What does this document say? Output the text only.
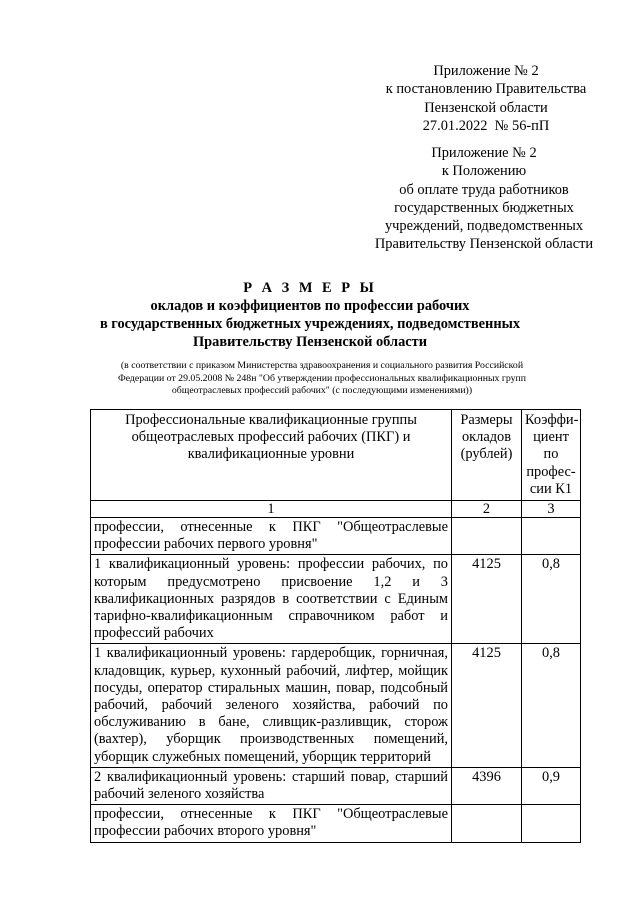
Приложение № 2
к постановлению Правительства
Пензенской области
27.01.2022  № 56-пП
Приложение № 2
к Положению
об оплате труда работников
государственных бюджетных
учреждений, подведомственных
Правительству Пензенской области
Р А З М Е Р Ы
окладов и коэффициентов по профессии рабочих
в государственных бюджетных учреждениях, подведомственных
Правительству Пензенской области
(в соответствии с приказом Министерства здравоохранения и социального развития Российской
Федерации от 29.05.2008 № 248н "Об утверждении профессиональных квалификационных групп
общеотраслевых профессий рабочих" (с последующими изменениями))
Профессиональные квалификационные группы общеотраслевых профессий рабочих (ПКГ) и квалификационные уровни	Размеры окладов (рублей)	Коэффи-циент по профес-сии К1
1	2	3
профессии, отнесенные к ПКГ "Общеотраслевые профессии рабочих первого уровня"		
1 квалификационный уровень: профессии рабочих, по которым предусмотрено присвоение 1,2 и 3 квалификационных разрядов в соответствии с Единым тарифно-квалификационным справочником работ и профессий рабочих	4125	0,8
1 квалификационный уровень: гардеробщик, горничная, кладовщик, курьер, кухонный рабочий, лифтер, мойщик посуды, оператор стиральных машин, повар, подсобный рабочий, рабочий зеленого хозяйства, рабочий по обслуживанию в бане, сливщик-разливщик, сторож (вахтер), уборщик производственных помещений, уборщик служебных помещений, уборщик территорий	4125	0,8
2 квалификационный уровень: старший повар, старший рабочий зеленого хозяйства	4396	0,9
профессии, отнесенные к ПКГ "Общеотраслевые профессии рабочих второго уровня"		
